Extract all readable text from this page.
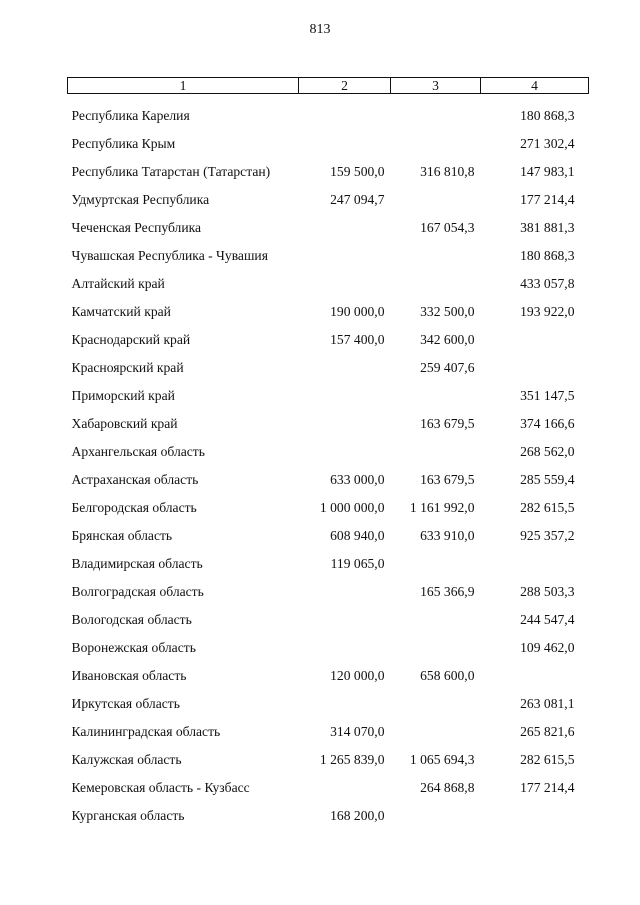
813
1	2	3	4
Республика Карелия			180 868,3
Республика Крым			271 302,4
Республика Татарстан (Татарстан)	159 500,0	316 810,8	147 983,1
Удмуртская Республика	247 094,7		177 214,4
Чеченская Республика		167 054,3	381 881,3
Чувашская Республика - Чувашия			180 868,3
Алтайский край			433 057,8
Камчатский край	190 000,0	332 500,0	193 922,0
Краснодарский край	157 400,0	342 600,0	
Красноярский край		259 407,6	
Приморский край			351 147,5
Хабаровский край		163 679,5	374 166,6
Архангельская область			268 562,0
Астраханская область	633 000,0	163 679,5	285 559,4
Белгородская область	1 000 000,0	1 161 992,0	282 615,5
Брянская область	608 940,0	633 910,0	925 357,2
Владимирская область	119 065,0		
Волгоградская область		165 366,9	288 503,3
Вологодская область			244 547,4
Воронежская область			109 462,0
Ивановская область	120 000,0	658 600,0	
Иркутская область			263 081,1
Калининградская область	314 070,0		265 821,6
Калужская область	1 265 839,0	1 065 694,3	282 615,5
Кемеровская область - Кузбасс		264 868,8	177 214,4
Курганская область	168 200,0		
